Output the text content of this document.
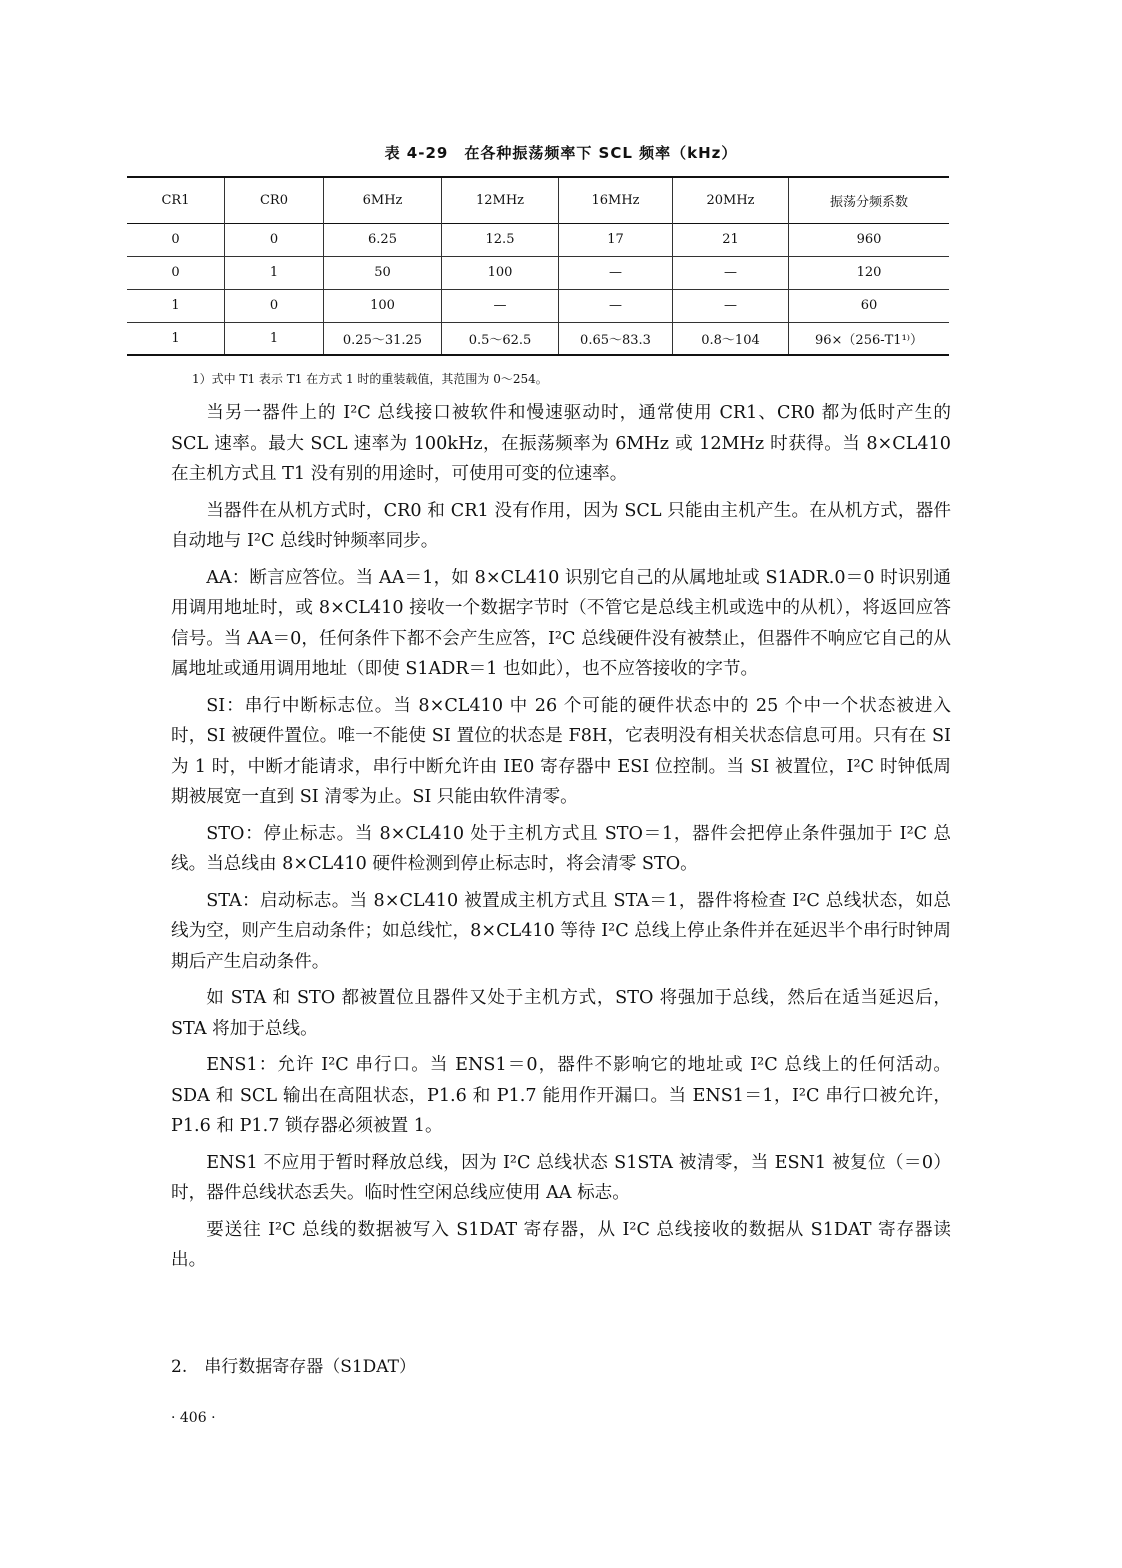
表 4-29　在各种振荡频率下 SCL 频率（kHz）
CR1	CR0	6MHz	12MHz	16MHz	20MHz	振荡分频系数
0	0	6.25	12.5	17	21	960
0	1	50	100	—	—	120
1	0	100	—	—	—	60
1	1	0.25～31.25	0.5～62.5	0.65～83.3	0.8～104	96×（256-T1¹⁾）
1）式中 T1 表示 T1 在方式 1 时的重装载值，其范围为 0～254。

当另一器件上的 I²C 总线接口被软件和慢速驱动时，通常使用 CR1、CR0 都为低时产生的 SCL 速率。最大 SCL 速率为 100kHz，在振荡频率为 6MHz 或 12MHz 时获得。当 8×CL410 在主机方式且 T1 没有别的用途时，可使用可变的位速率。

当器件在从机方式时，CR0 和 CR1 没有作用，因为 SCL 只能由主机产生。在从机方式，器件自动地与 I²C 总线时钟频率同步。

AA：断言应答位。当 AA＝1，如 8×CL410 识别它自己的从属地址或 S1ADR.0＝0 时识别通用调用地址时，或 8×CL410 接收一个数据字节时（不管它是总线主机或选中的从机），将返回应答信号。当 AA＝0，任何条件下都不会产生应答，I²C 总线硬件没有被禁止，但器件不响应它自己的从属地址或通用调用地址（即使 S1ADR＝1 也如此），也不应答接收的字节。

SI：串行中断标志位。当 8×CL410 中 26 个可能的硬件状态中的 25 个中一个状态被进入时，SI 被硬件置位。唯一不能使 SI 置位的状态是 F8H，它表明没有相关状态信息可用。只有在 SI 为 1 时，中断才能请求，串行中断允许由 IE0 寄存器中 ESI 位控制。当 SI 被置位，I²C 时钟低周期被展宽一直到 SI 清零为止。SI 只能由软件清零。

STO：停止标志。当 8×CL410 处于主机方式且 STO＝1，器件会把停止条件强加于 I²C 总线。当总线由 8×CL410 硬件检测到停止标志时，将会清零 STO。

STA：启动标志。当 8×CL410 被置成主机方式且 STA＝1，器件将检查 I²C 总线状态，如总线为空，则产生启动条件；如总线忙，8×CL410 等待 I²C 总线上停止条件并在延迟半个串行时钟周期后产生启动条件。

如 STA 和 STO 都被置位且器件又处于主机方式，STO 将强加于总线，然后在适当延迟后，STA 将加于总线。

ENS1：允许 I²C 串行口。当 ENS1＝0，器件不影响它的地址或 I²C 总线上的任何活动。SDA 和 SCL 输出在高阻状态，P1.6 和 P1.7 能用作开漏口。当 ENS1＝1，I²C 串行口被允许，P1.6 和 P1.7 锁存器必须被置 1。

ENS1 不应用于暂时释放总线，因为 I²C 总线状态 S1STA 被清零，当 ESN1 被复位（＝0）时，器件总线状态丢失。临时性空闲总线应使用 AA 标志。

要送往 I²C 总线的数据被写入 S1DAT 寄存器，从 I²C 总线接收的数据从 S1DAT 寄存器读出。

2.　串行数据寄存器（S1DAT）
· 406 ·
